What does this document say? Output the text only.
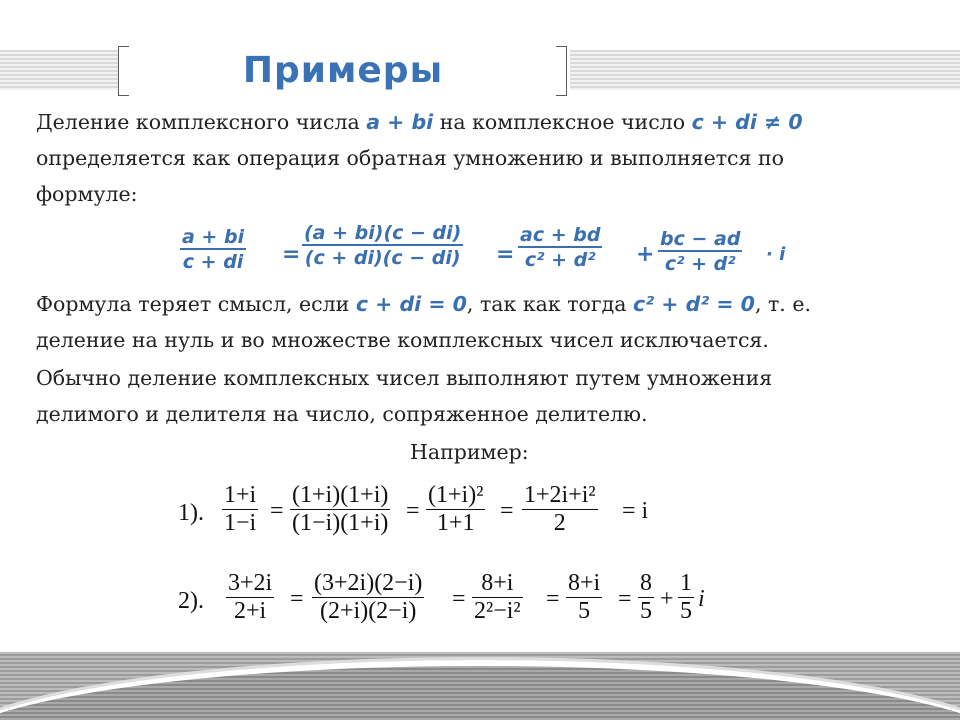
Примеры
Деление комплексного числа a + bi на комплексное число c + di ≠ 0
определяется как операция обратная умножению и выполняется по
формуле:
$\frac{a + bi}{c + di} = \frac{(a + bi)(c - di)}{(c + di)(c - di)} = \frac{ac + bd}{\text{c² + d²}} + \frac{bc - ad}{\text{c² + d²}} \cdot i$
Формула теряет смысл, если c + di = 0, так как тогда c² + d² = 0, т. е.
деление на нуль и во множестве комплексных чисел исключается.
Обычно деление комплексных чисел выполняют путем умножения
делимого и делителя на число, сопряженное делителю.
Например:
1). $\frac{1+i}{1-i} = \frac{(1+i)(1+i)}{(1-i)(1+i)} = \frac{\text{(1+i)²}}{1+1} = \frac{\text{1+2i+i²}}{2} = i$
2). $\frac{3+2i}{2+i} = \frac{(3+2i)(2-i)}{(2+i)(2-i)} = \frac{8+i}{\text{2²−i²}} = \frac{8+i}{5} = \frac{8}{5} + \frac{1}{5}$ i
